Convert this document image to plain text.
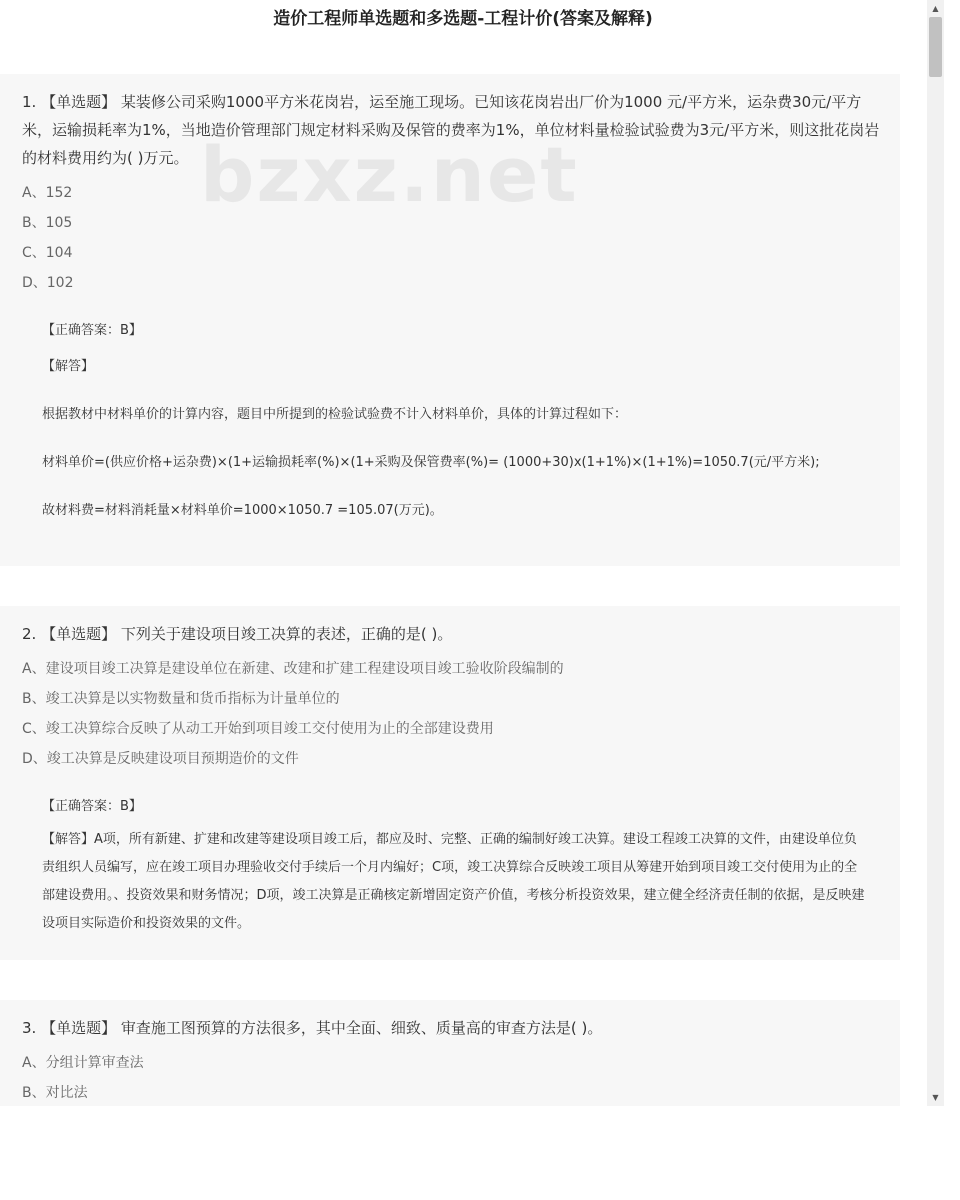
造价工程师单选题和多选题-工程计价(答案及解释)
1. 【单选题】 某装修公司采购1000平方米花岗岩，运至施工现场。已知该花岗岩出厂价为1000 元/平方米，运杂费30元/平方米，运输损耗率为1%，当地造价管理部门规定材料采购及保管的费率为1%，单位材料量检验试验费为3元/平方米，则这批花岗岩的材料费用约为( )万元。
A、152
B、105
C、104
D、102
【正确答案：B】
【解答】
根据教材中材料单价的计算内容，题目中所提到的检验试验费不计入材料单价，具体的计算过程如下：
材料单价=(供应价格+运杂费)×(1+运输损耗率(%)×(1+采购及保管费率(%)= (1000+30)x(1+1%)×(1+1%)=1050.7(元/平方米);
故材料费=材料消耗量×材料单价=1000×1050.7 =105.07(万元)。
2. 【单选题】 下列关于建设项目竣工决算的表述，正确的是( )。
A、建设项目竣工决算是建设单位在新建、改建和扩建工程建设项目竣工验收阶段编制的
B、竣工决算是以实物数量和货币指标为计量单位的
C、竣工决算综合反映了从动工开始到项目竣工交付使用为止的全部建设费用
D、竣工决算是反映建设项目预期造价的文件
【正确答案：B】
【解答】A项，所有新建、扩建和改建等建设项目竣工后，都应及时、完整、正确的编制好竣工决算。建设工程竣工决算的文件，由建设单位负责组织人员编写，应在竣工项目办理验收交付手续后一个月内编好；C项，竣工决算综合反映竣工项目从筹建开始到项目竣工交付使用为止的全部建设费用。、投资效果和财务情况；D项，竣工决算是正确核定新增固定资产价值，考核分析投资效果，建立健全经济责任制的依据，是反映建设项目实际造价和投资效果的文件。
3. 【单选题】 审查施工图预算的方法很多，其中全面、细致、质量高的审查方法是( )。
A、分组计算审查法
B、对比法
bzxz.net
▲
▼
